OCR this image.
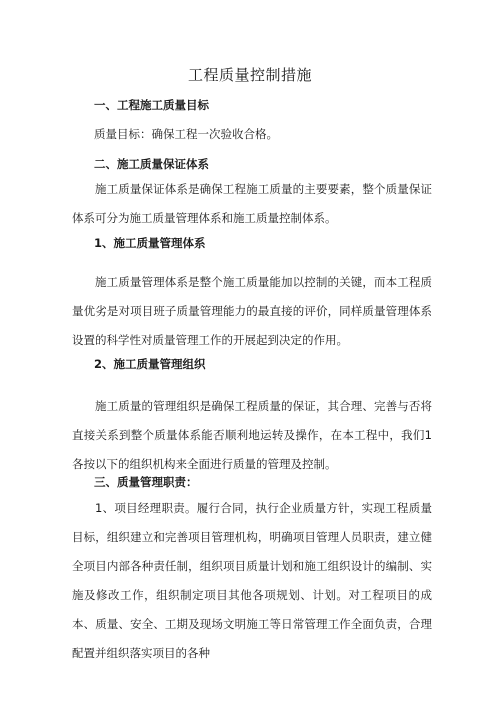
工程质量控制措施
一、工程施工质量目标
质量目标：确保工程一次验收合格。
二、施工质量保证体系

施工质量保证体系是确保工程施工质量的主要要素，整个质量保证体系可分为施工质量管理体系和施工质量控制体系。

1、施工质量管理体系

施工质量管理体系是整个施工质量能加以控制的关键，而本工程质量优劣是对项目班子质量管理能力的最直接的评价，同样质量管理体系设置的科学性对质量管理工作的开展起到决定的作用。

2、施工质量管理组织

施工质量的管理组织是确保工程质量的保证，其合理、完善与否将直接关系到整个质量体系能否顺利地运转及操作，在本工程中，我们1各按以下的组织机构来全面进行质量的管理及控制。

三、质量管理职责：

1、项目经理职责。履行合同，执行企业质量方针，实现工程质量目标，组织建立和完善项目管理机构，明确项目管理人员职责，建立健全项目内部各种责任制，组织项目质量计划和施工组织设计的编制、实施及修改工作，组织制定项目其他各项规划、计划。对工程项目的成本、质量、安全、工期及现场文明施工等日常管理工作全面负责，合理配置并组织落实项目的各种
